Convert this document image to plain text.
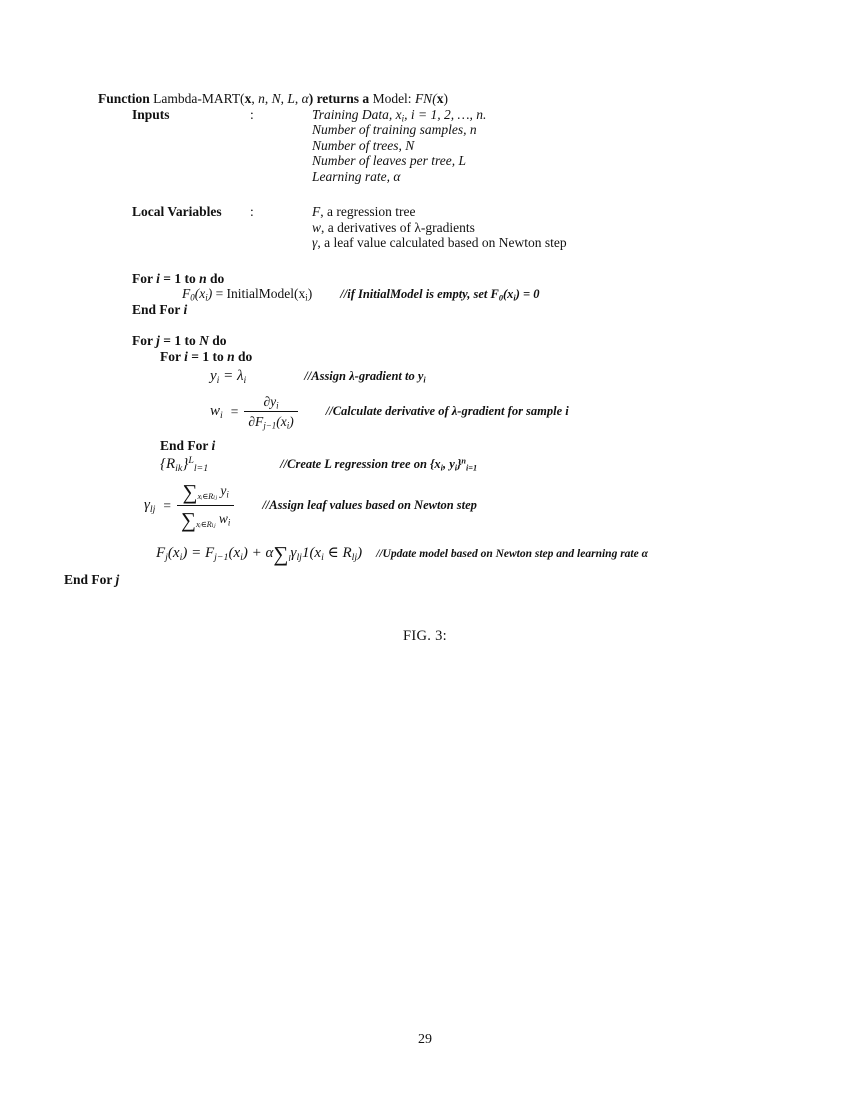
Function Lambda-MART(x, n, N, L, α) returns a Model: FN(x)
Inputs	:	Training Data, $x_i$, i = 1, 2, …, n.
Number of training samples, n
Number of trees, N
Number of leaves per tree, L
Learning rate, α
Local Variables :	F, a regression tree
w, a derivatives of λ-gradients
γ, a leaf value calculated based on Newton step
For i = 1 to n do
$F_0(x_i)$ = $InitialModel(x_i)$ //if InitialModel is empty, set $F_0(x_i) = 0$
End For i
For j = 1 to N do
For i = 1 to n do
$y_i = \lambda_i$	//Assign λ-gradient to $y_i$
$w_i = \frac{\partial y_i}{\partial F_{j-1}(x_i)}$	//Calculate derivative of λ-gradient for sample i
End For i
$\{R_{ik}\}^L_{l=1}$	//Create L regression tree on {$x_i$, $y_i\}^n_{i=1}$
$\gamma_{lj} = \frac{\sum_{xᵢ\in R_lⱼ} y_i}{\sum_{xᵢ\in R_lⱼ} w_i}$	//Assign leaf values based on Newton step
$F_j(x_i) = F_{j-1}(x_i) + \alpha\sum_l\gamma_{lj}1(x_i$ ∈ $R_{lj}$)	//Update model based on Newton step and learning rate α
End For j
FIG. 3:
29
